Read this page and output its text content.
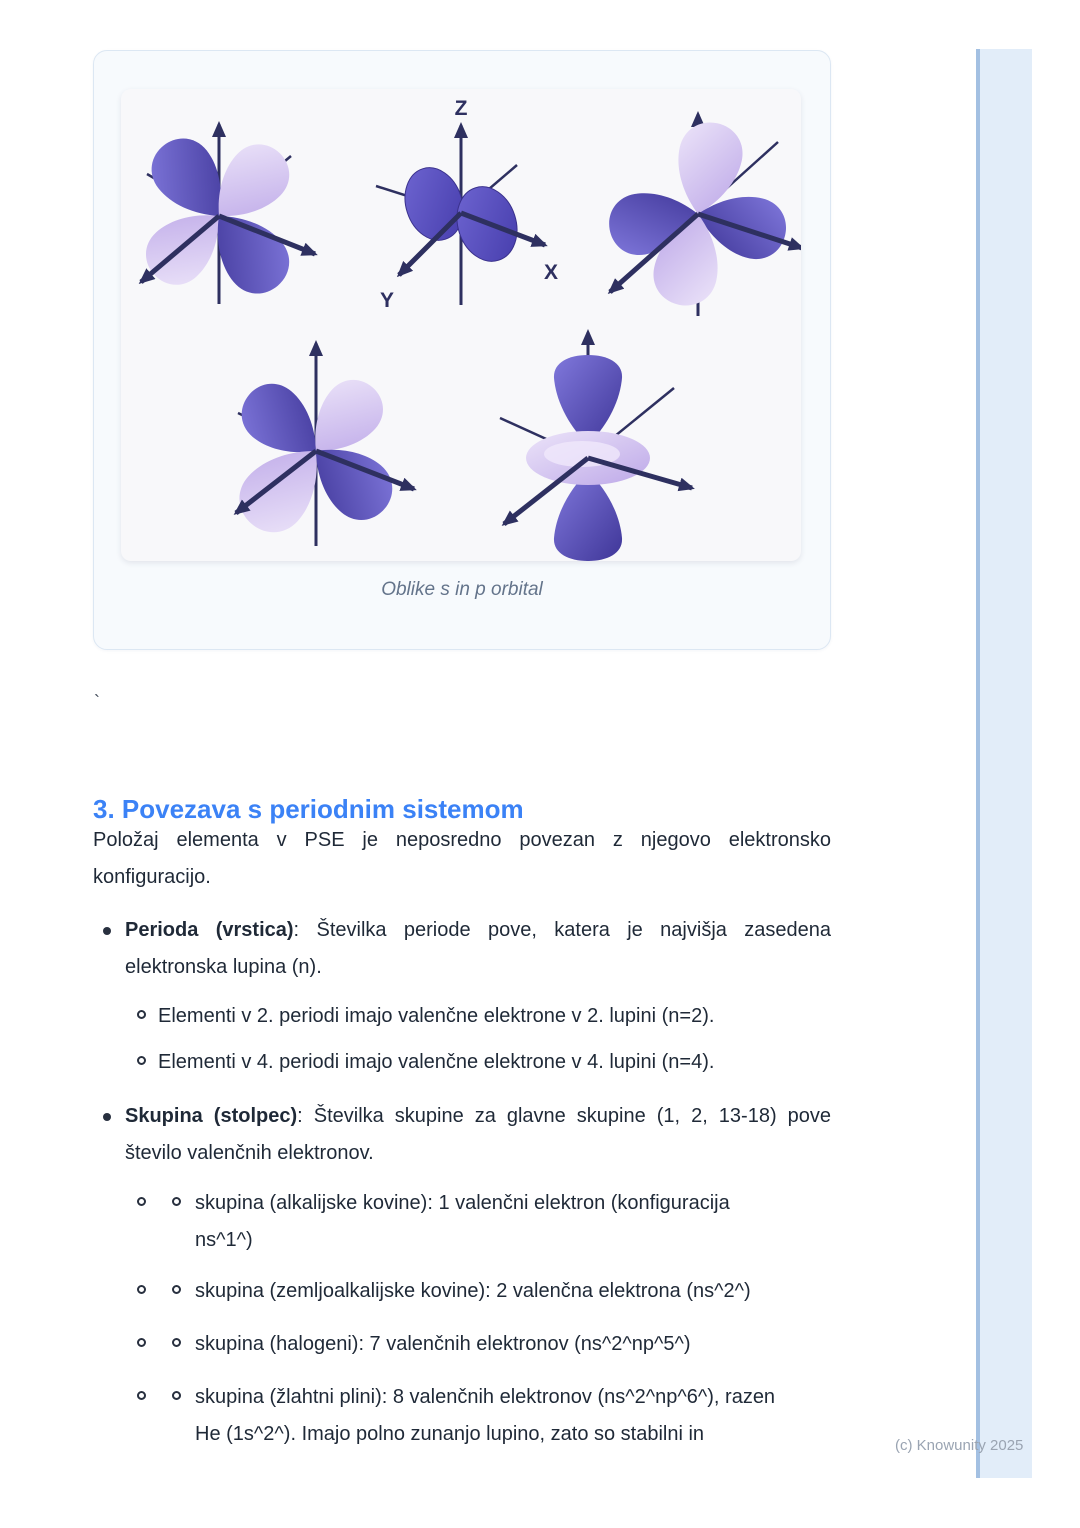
Z
X
Y
Oblike s in p orbital
`
3. Povezava s periodnim sistemom
Položaj elementa v PSE je neposredno povezan z njegovo elektronsko
konfiguracijo.
Perioda (vrstica): Številka periode pove, katera je najvišja zasedena
elektronska lupina (n).
Elementi v 2. periodi imajo valenčne elektrone v 2. lupini (n=2).
Elementi v 4. periodi imajo valenčne elektrone v 4. lupini (n=4).
Skupina (stolpec): Številka skupine za glavne skupine (1, 2, 13-18) pove
število valenčnih elektronov.
skupina (alkalijske kovine): 1 valenčni elektron (konfiguracija
ns^1^)
skupina (zemljoalkalijske kovine): 2 valenčna elektrona (ns^2^)
skupina (halogeni): 7 valenčnih elektronov (ns^2^np^5^)
skupina (žlahtni plini): 8 valenčnih elektronov (ns^2^np^6^), razen
He (1s^2^). Imajo polno zunanjo lupino, zato so stabilni in
(c) Knowunity 2025
